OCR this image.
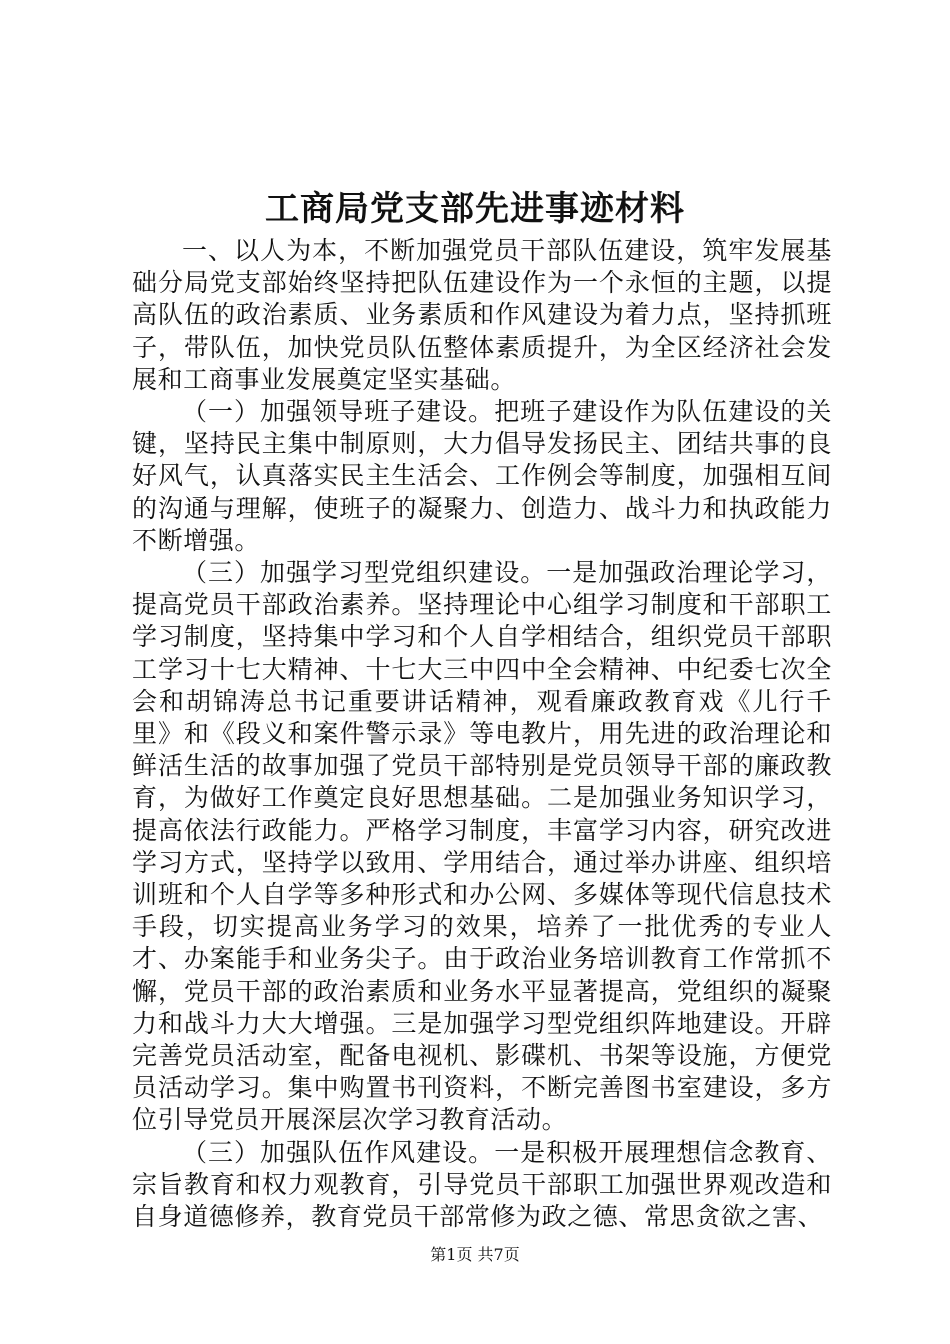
工商局党支部先进事迹材料

一、以人为本，不断加强党员干部队伍建设，筑牢发展基础分局党支部始终坚持把队伍建设作为一个永恒的主题，以提高队伍的政治素质、业务素质和作风建设为着力点，坚持抓班子，带队伍，加快党员队伍整体素质提升，为全区经济社会发展和工商事业发展奠定坚实基础。

（一）加强领导班子建设。把班子建设作为队伍建设的关键，坚持民主集中制原则，大力倡导发扬民主、团结共事的良好风气，认真落实民主生活会、工作例会等制度，加强相互间的沟通与理解，使班子的凝聚力、创造力、战斗力和执政能力不断增强。

（三）加强学习型党组织建设。一是加强政治理论学习，提高党员干部政治素养。坚持理论中心组学习制度和干部职工学习制度，坚持集中学习和个人自学相结合，组织党员干部职工学习十七大精神、十七大三中四中全会精神、中纪委七次全会和胡锦涛总书记重要讲话精神，观看廉政教育戏《儿行千里》和《段义和案件警示录》等电教片，用先进的政治理论和鲜活生活的故事加强了党员干部特别是党员领导干部的廉政教育，为做好工作奠定良好思想基础。二是加强业务知识学习，提高依法行政能力。严格学习制度，丰富学习内容，研究改进学习方式，坚持学以致用、学用结合，通过举办讲座、组织培训班和个人自学等多种形式和办公网、多媒体等现代信息技术手段，切实提高业务学习的效果，培养了一批优秀的专业人才、办案能手和业务尖子。由于政治业务培训教育工作常抓不懈，党员干部的政治素质和业务水平显著提高，党组织的凝聚力和战斗力大大增强。三是加强学习型党组织阵地建设。开辟完善党员活动室，配备电视机、影碟机、书架等设施，方便党员活动学习。集中购置书刊资料，不断完善图书室建设，多方位引导党员开展深层次学习教育活动。

（三）加强队伍作风建设。一是积极开展理想信念教育、宗旨教育和权力观教育，引导党员干部职工加强世界观改造和自身道德修养，教育党员干部常修为政之德、常思贪欲之害、

第1页 共7页
